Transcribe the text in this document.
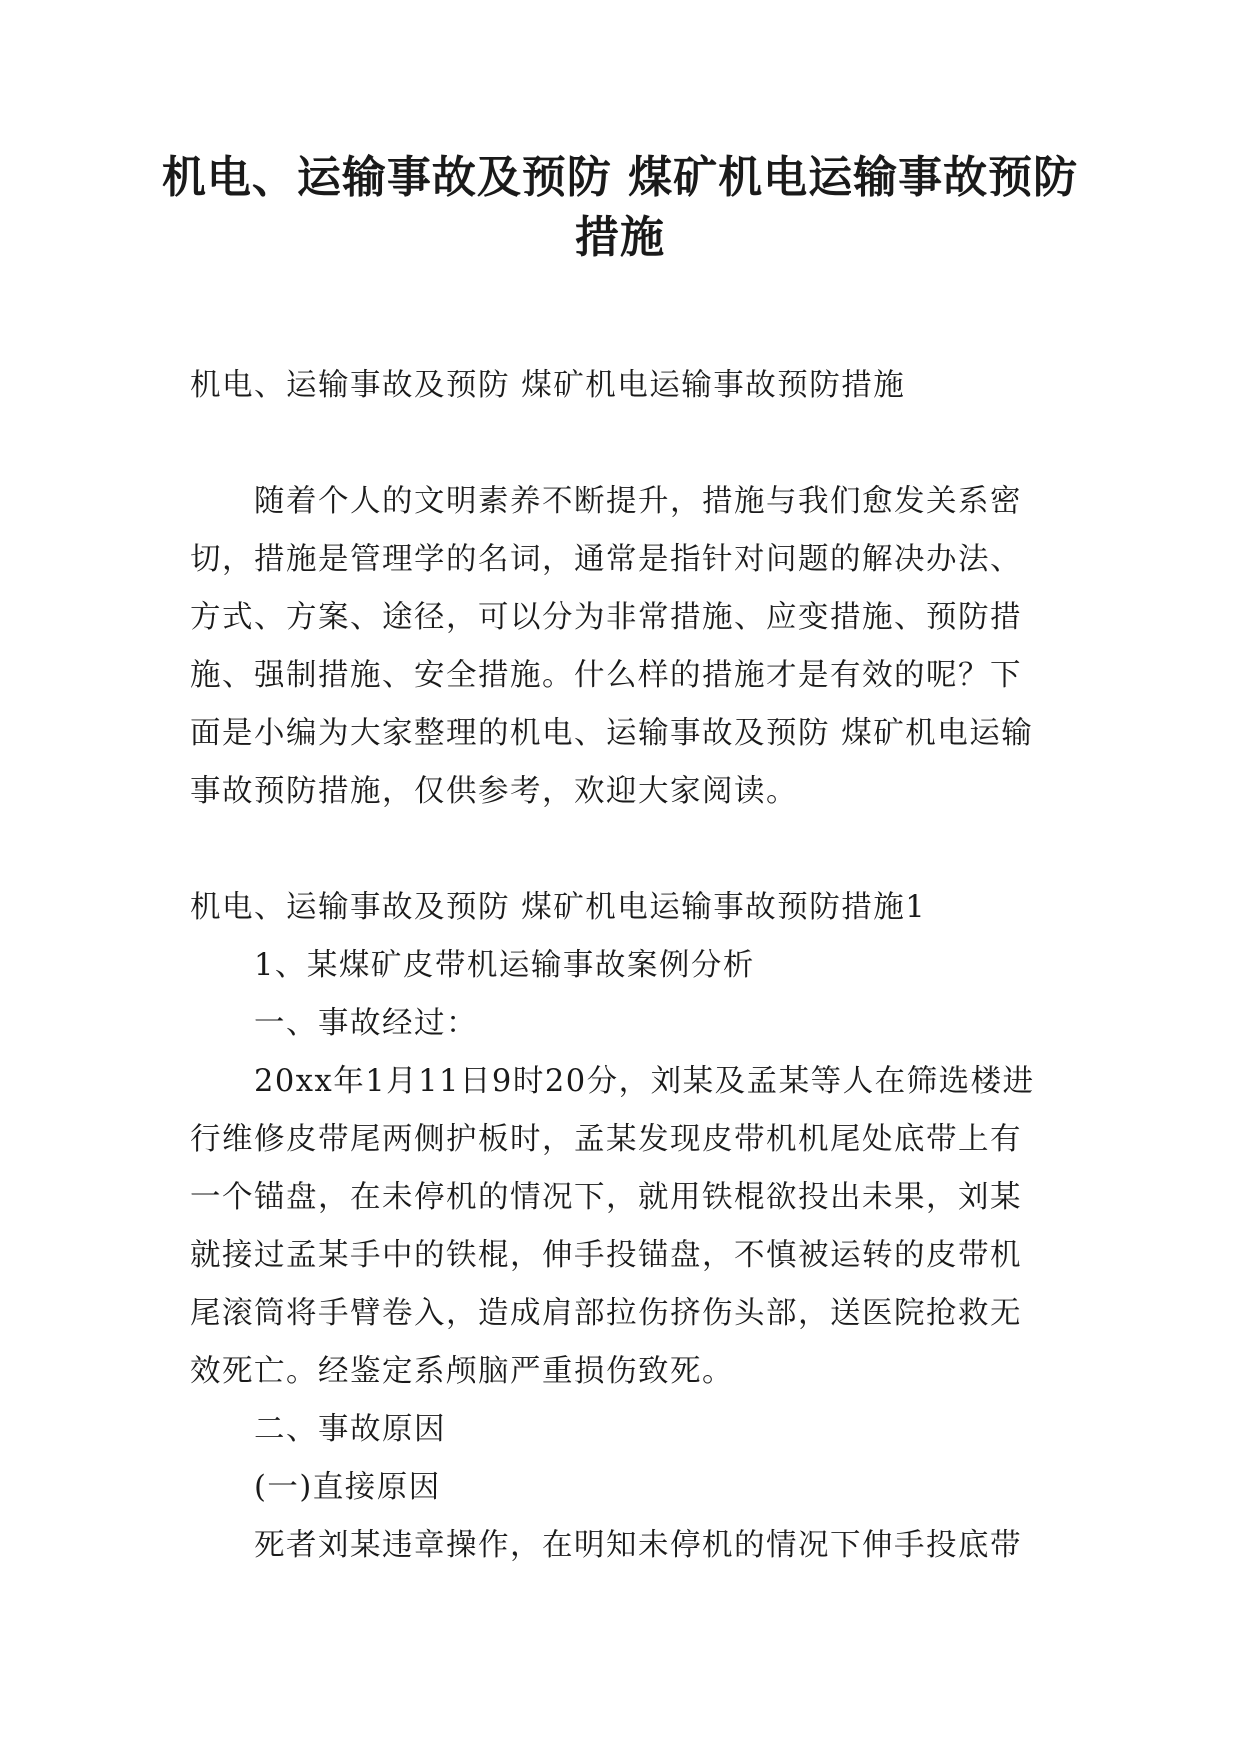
机电、运输事故及预防 煤矿机电运输事故预防措施

机电、运输事故及预防 煤矿机电运输事故预防措施

随着个人的文明素养不断提升，措施与我们愈发关系密切，措施是管理学的名词，通常是指针对问题的解决办法、方式、方案、途径，可以分为非常措施、应变措施、预防措施、强制措施、安全措施。什么样的措施才是有效的呢？下面是小编为大家整理的机电、运输事故及预防 煤矿机电运输事故预防措施，仅供参考，欢迎大家阅读。

机电、运输事故及预防 煤矿机电运输事故预防措施1

1、某煤矿皮带机运输事故案例分析

一、事故经过：

20xx年1月11日9时20分，刘某及孟某等人在筛选楼进行维修皮带尾两侧护板时，孟某发现皮带机机尾处底带上有一个锚盘，在未停机的情况下，就用铁棍欲投出未果，刘某就接过孟某手中的铁棍，伸手投锚盘，不慎被运转的皮带机尾滚筒将手臂卷入，造成肩部拉伤挤伤头部，送医院抢救无效死亡。经鉴定系颅脑严重损伤致死。

二、事故原因

(一)直接原因

死者刘某违章操作，在明知未停机的情况下伸手投底带
